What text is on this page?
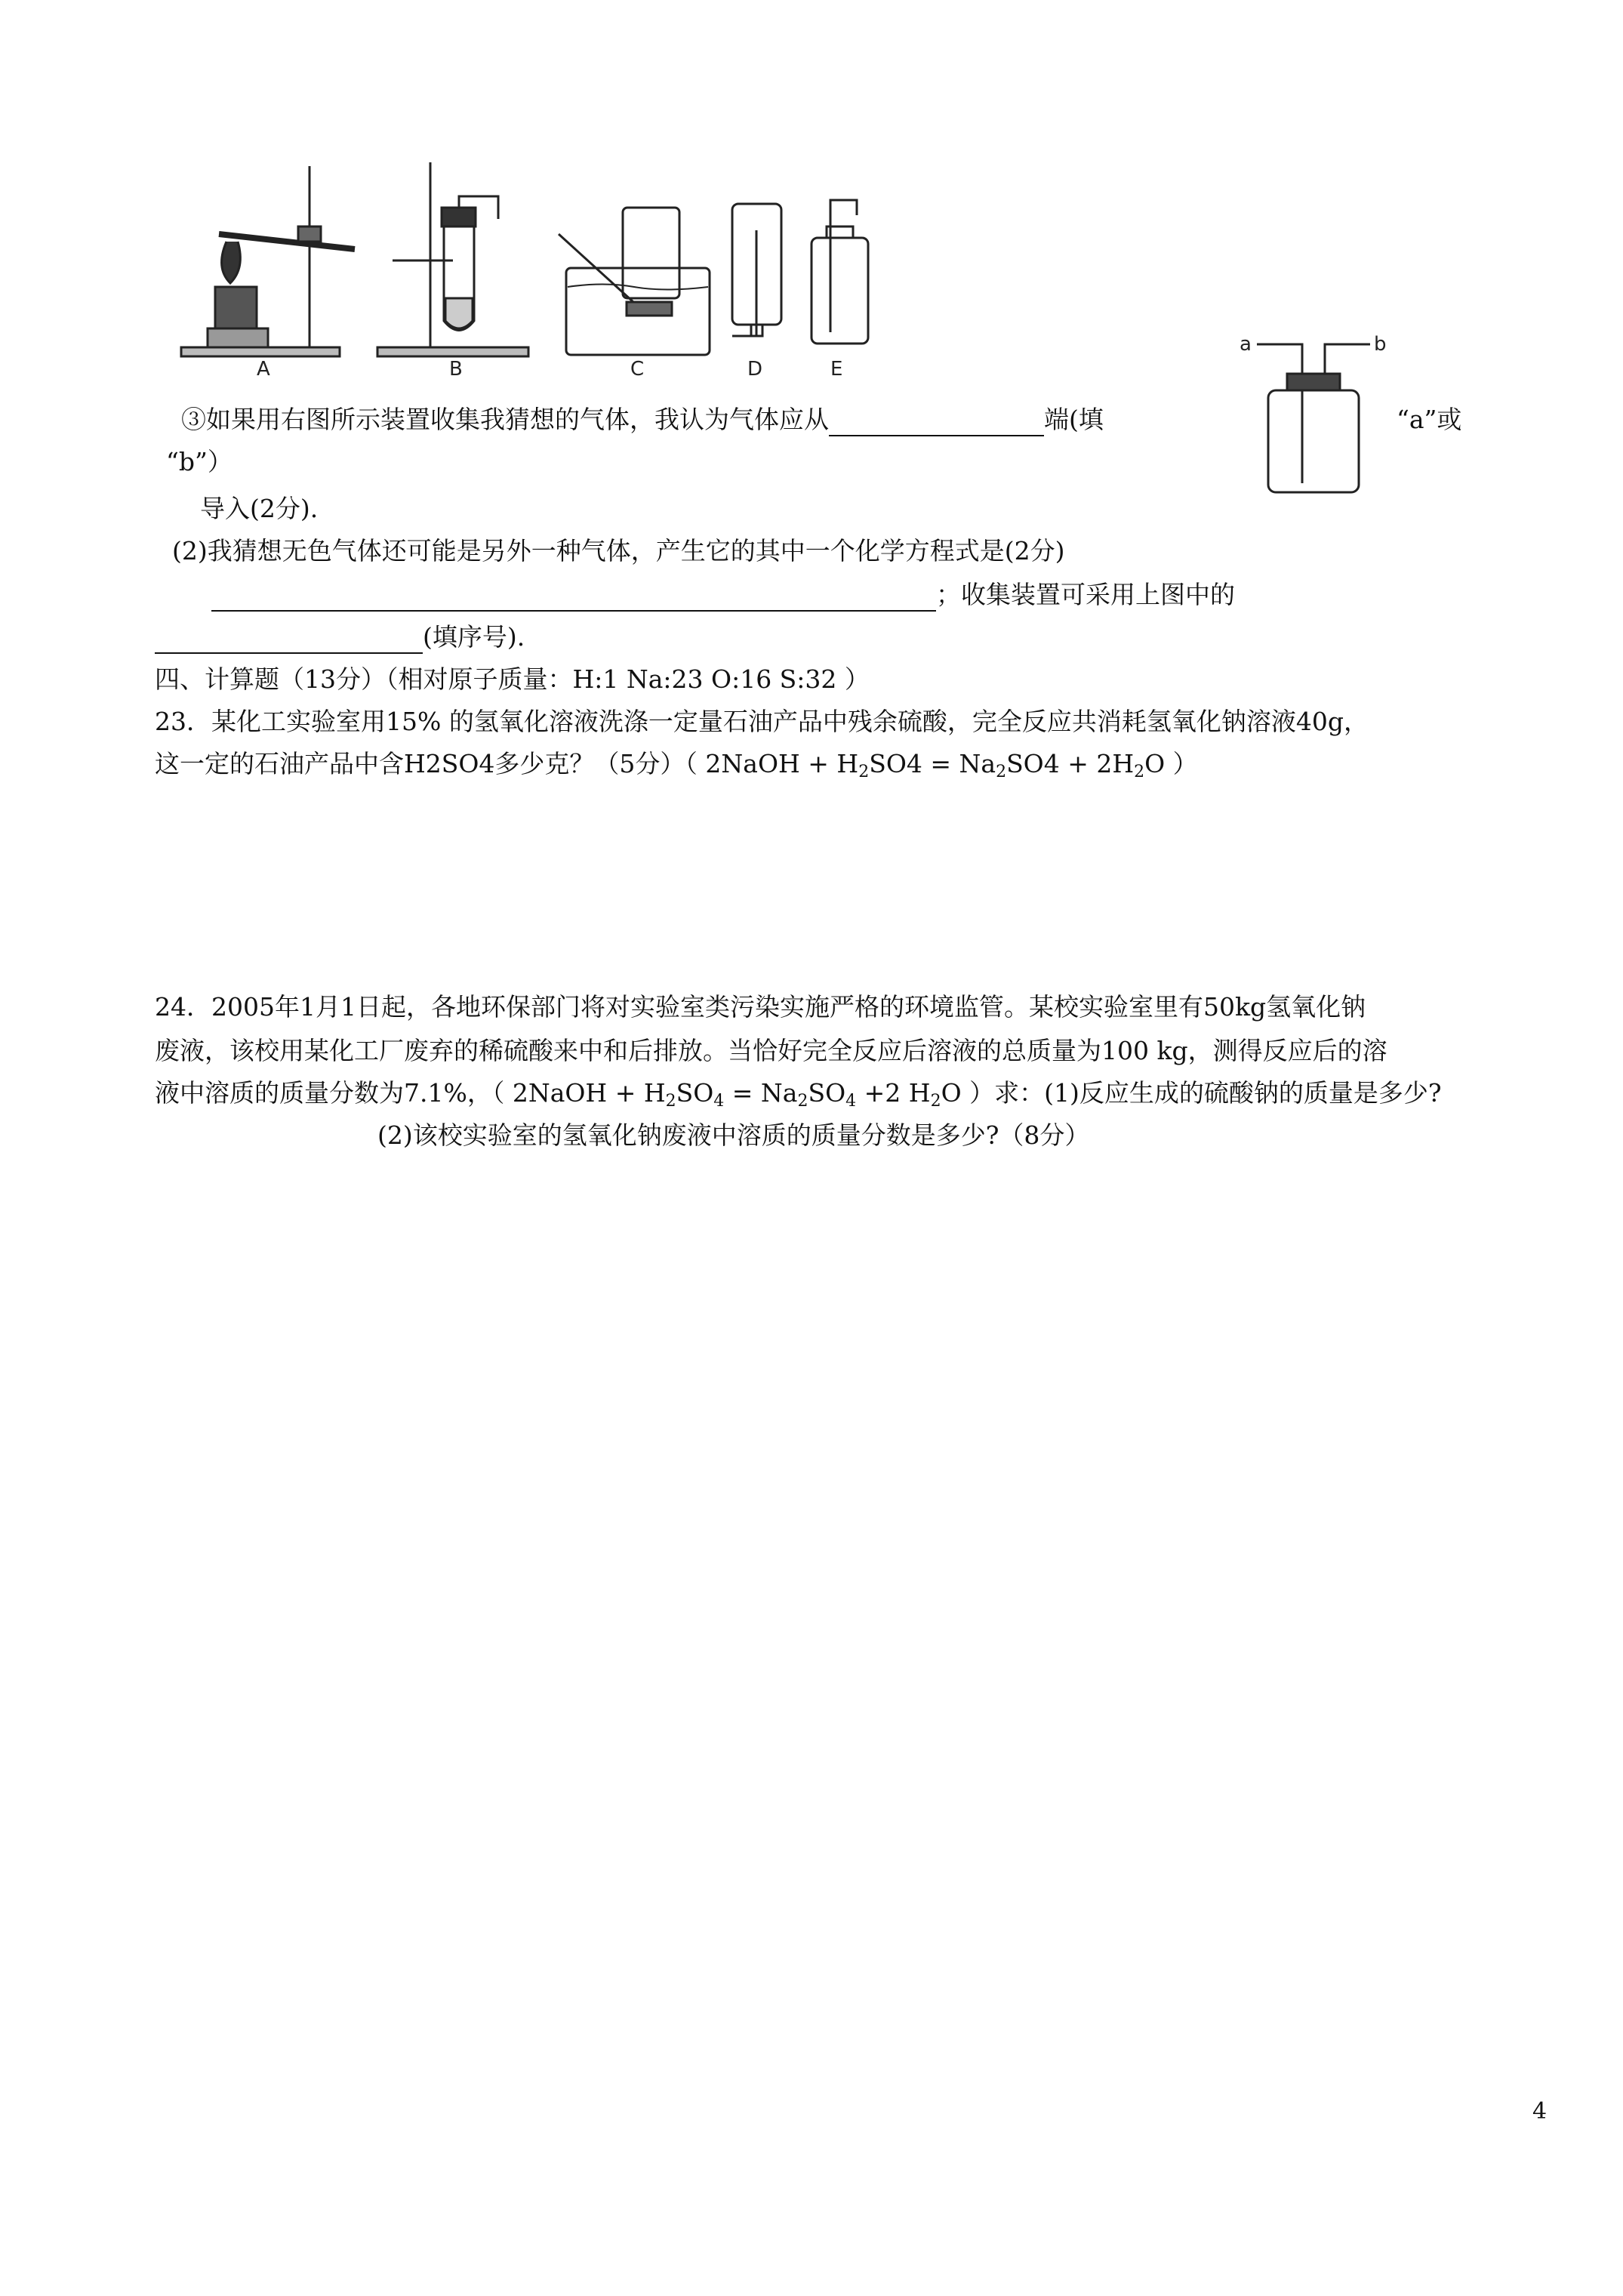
A	B	C	D	E
a	b
③如果用右图所示装置收集我猜想的气体，我认为气体应从	端(填	“a”或
“b”）
导入(2分).
(2)我猜想无色气体还可能是另外一种气体，产生它的其中一个化学方程式是(2分)
；收集装置可采用上图中的
(填序号).
四、计算题（13分）（相对原子质量：H:1 Na:23 O:16 S:32 ）
23．某化工实验室用15% 的氢氧化溶液洗涤一定量石油产品中残余硫酸，完全反应共消耗氢氧化钠溶液40g，
这一定的石油产品中含H2SO4多少克？（5分）（ 2NaOH + $H_2SO4 = Na_2SO4 + 2H_2O$ ）
24．2005年1月1日起，各地环保部门将对实验室类污染实施严格的环境监管。某校实验室里有50kg氢氧化钠
废液，该校用某化工厂废弃的稀硫酸来中和后排放。当恰好完全反应后溶液的总质量为100 kg，测得反应后的溶
液中溶质的质量分数为7.1%，（ 2NaOH + $H_2SO_4 = Na_2SO_4 +2$ $H_2O$ ）求：(1)反应生成的硫酸钠的质量是多少?
(2)该校实验室的氢氧化钠废液中溶质的质量分数是多少?（8分）
4
